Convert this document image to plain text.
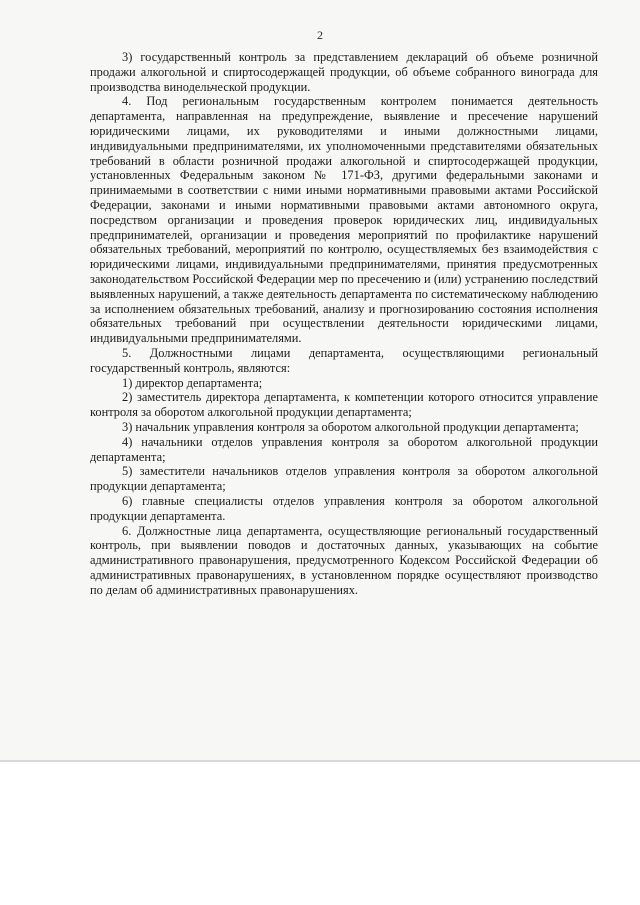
2

3) государственный контроль за представлением деклараций об объеме розничной продажи алкогольной и спиртосодержащей продукции, об объеме собранного винограда для производства винодельческой продукции.

4. Под региональным государственным контролем понимается деятельность департамента, направленная на предупреждение, выявление и пресечение нарушений юридическими лицами, их руководителями и иными должностными лицами, индивидуальными предпринимателями, их уполномоченными представителями обязательных требований в области розничной продажи алкогольной и спиртосодержащей продукции, установленных Федеральным законом № 171-ФЗ, другими федеральными законами и принимаемыми в соответствии с ними иными нормативными правовыми актами Российской Федерации, законами и иными нормативными правовыми актами автономного округа, посредством организации и проведения проверок юридических лиц, индивидуальных предпринимателей, организации и проведения мероприятий по профилактике нарушений обязательных требований, мероприятий по контролю, осуществляемых без взаимодействия с юридическими лицами, индивидуальными предпринимателями, принятия предусмотренных законодательством Российской Федерации мер по пресечению и (или) устранению последствий выявленных нарушений, а также деятельность департамента по систематическому наблюдению за исполнением обязательных требований, анализу и прогнозированию состояния исполнения обязательных требований при осуществлении деятельности юридическими лицами, индивидуальными предпринимателями.

5. Должностными лицами департамента, осуществляющими региональный государственный контроль, являются:

1) директор департамента;

2) заместитель директора департамента, к компетенции которого относится управление контроля за оборотом алкогольной продукции департамента;

3) начальник управления контроля за оборотом алкогольной продукции департамента;

4) начальники отделов управления контроля за оборотом алкогольной продукции департамента;

5) заместители начальников отделов управления контроля за оборотом алкогольной продукции департамента;

6) главные специалисты отделов управления контроля за оборотом алкогольной продукции департамента.

6. Должностные лица департамента, осуществляющие региональный государственный контроль, при выявлении поводов и достаточных данных, указывающих на событие административного правонарушения, предусмотренного Кодексом Российской Федерации об административных правонарушениях, в установленном порядке осуществляют производство по делам об административных правонарушениях.
